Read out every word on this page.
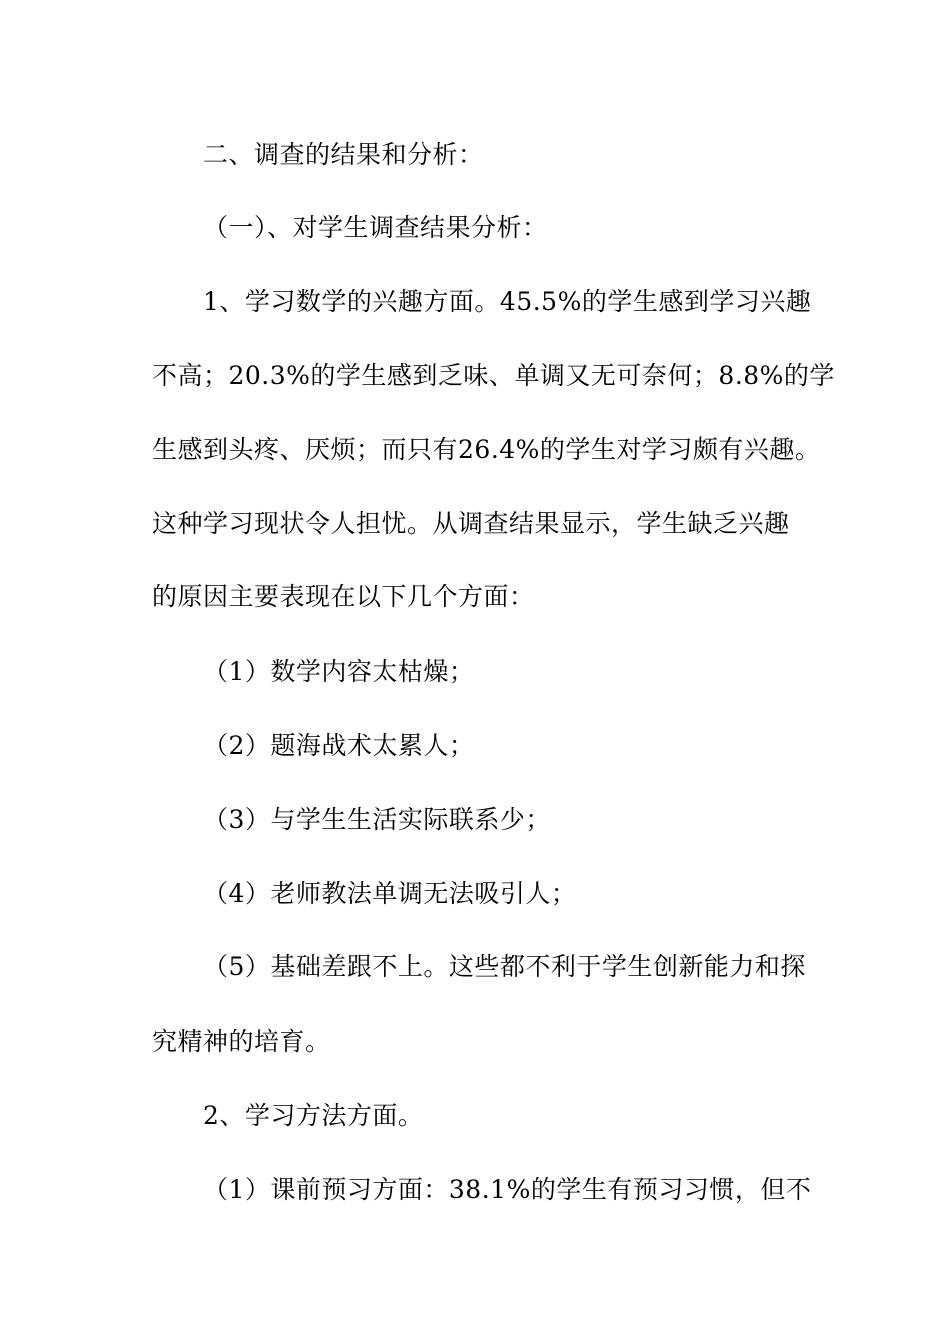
二、调查的结果和分析：
（一）、对学生调查结果分析：
1、学习数学的兴趣方面。45.5%的学生感到学习兴趣
不高；20.3%的学生感到乏味、单调又无可奈何；8.8%的学
生感到头疼、厌烦；而只有26.4%的学生对学习颇有兴趣。
这种学习现状令人担忧。从调查结果显示，学生缺乏兴趣
的原因主要表现在以下几个方面：
（1）数学内容太枯燥；
（2）题海战术太累人；
（3）与学生生活实际联系少；
（4）老师教法单调无法吸引人；
（5）基础差跟不上。这些都不利于学生创新能力和探
究精神的培育。
2、学习方法方面。
（1）课前预习方面：38.1%的学生有预习习惯，但不
